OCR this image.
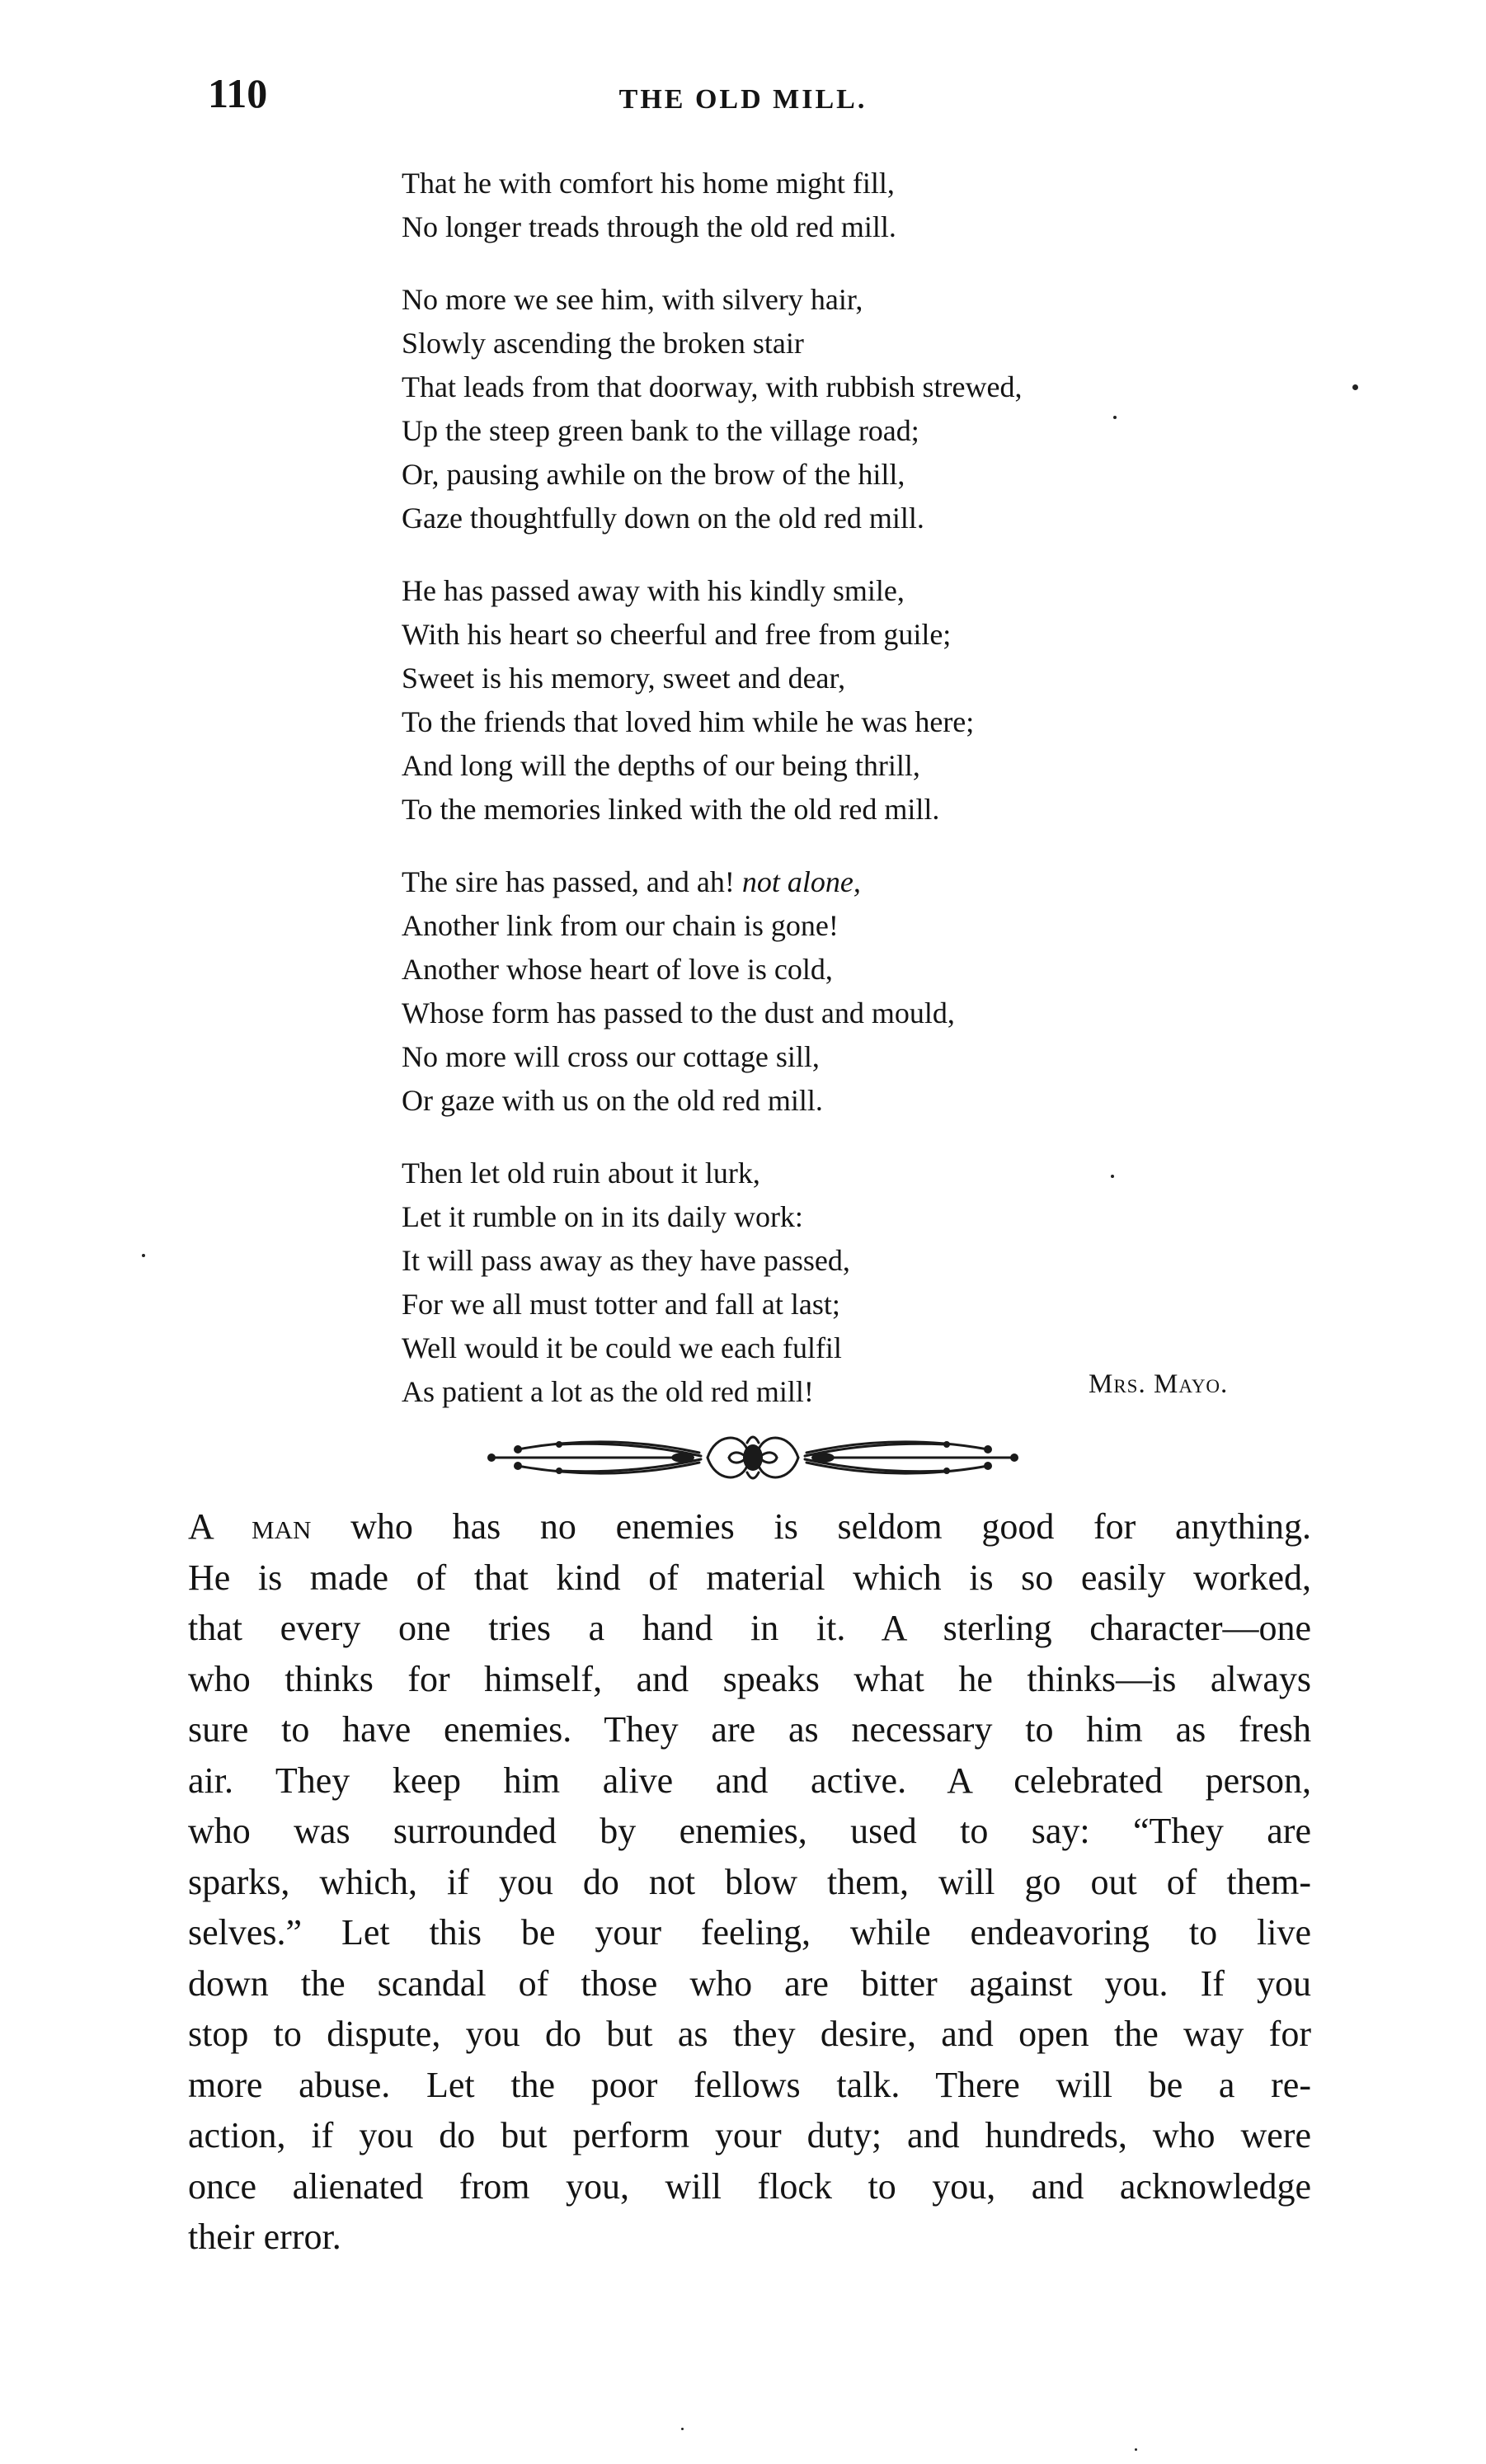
110	THE OLD MILL.
That he with comfort his home might fill,
No longer treads through the old red mill.
No more we see him, with silvery hair,
Slowly ascending the broken stair
That leads from that doorway, with rubbish strewed,
Up the steep green bank to the village road;
Or, pausing awhile on the brow of the hill,
Gaze thoughtfully down on the old red mill.
He has passed away with his kindly smile,
With his heart so cheerful and free from guile;
Sweet is his memory, sweet and dear,
To the friends that loved him while he was here;
And long will the depths of our being thrill,
To the memories linked with the old red mill.
The sire has passed, and ah! not alone,
Another link from our chain is gone!
Another whose heart of love is cold,
Whose form has passed to the dust and mould,
No more will cross our cottage sill,
Or gaze with us on the old red mill.
Then let old ruin about it lurk,
Let it rumble on in its daily work:
It will pass away as they have passed,
For we all must totter and fall at last;
Well would it be could we each fulfil
As patient a lot as the old red mill!	Mrs. Mayo.
A man who has no enemies is seldom good for anything.
He is made of that kind of material which is so easily worked,
that every one tries a hand in it. A sterling character—one
who thinks for himself, and speaks what he thinks—is always
sure to have enemies. They are as necessary to him as fresh
air. They keep him alive and active. A celebrated person,
who was surrounded by enemies, used to say: “They are
sparks, which, if you do not blow them, will go out of them-
selves.” Let this be your feeling, while endeavoring to live
down the scandal of those who are bitter against you. If you
stop to dispute, you do but as they desire, and open the way for
more abuse. Let the poor fellows talk. There will be a re-
action, if you do but perform your duty; and hundreds, who were
once alienated from you, will flock to you, and acknowledge
their error.
